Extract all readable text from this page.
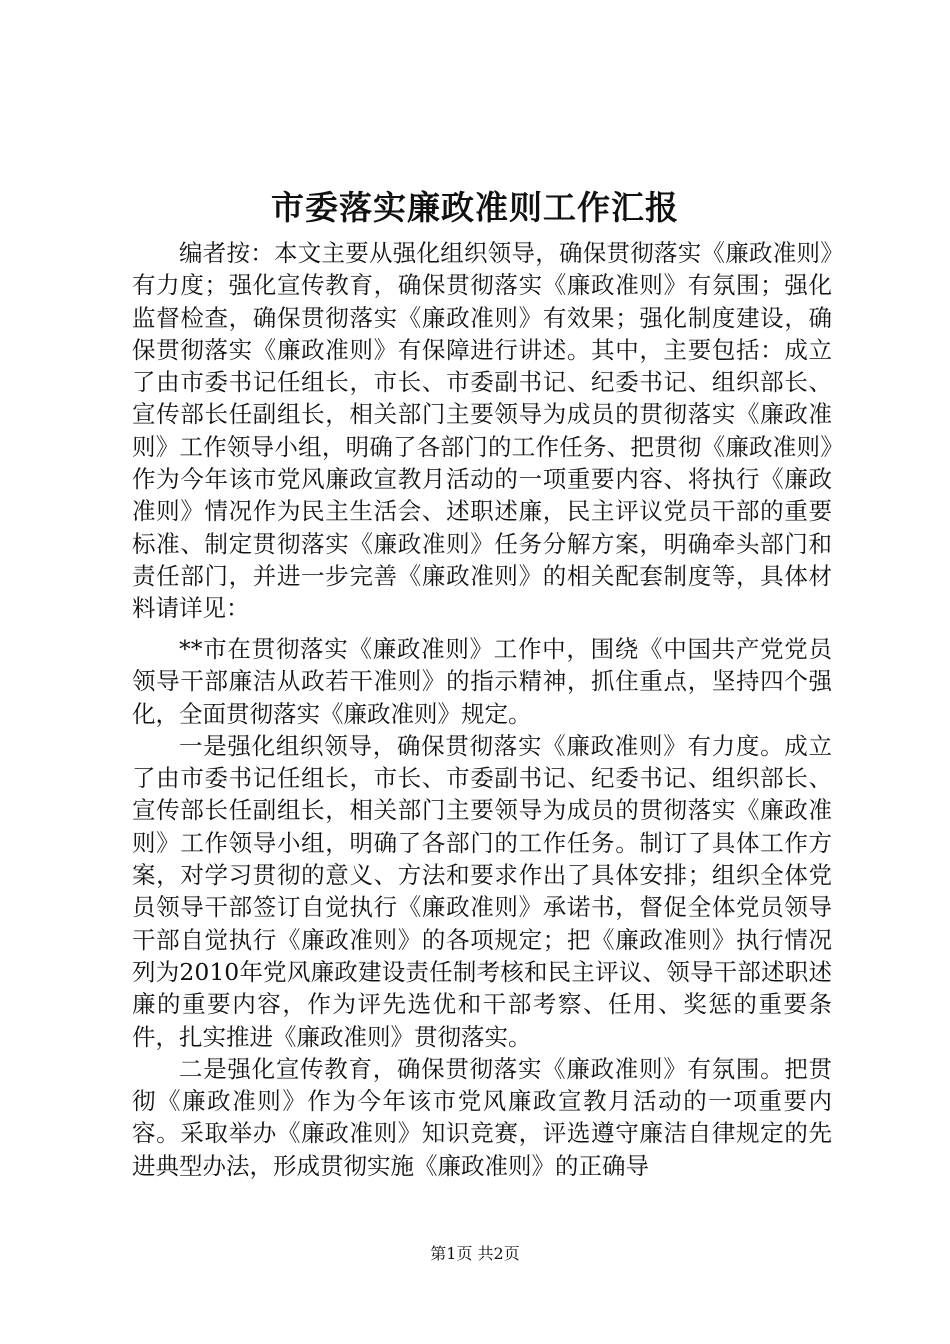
市委落实廉政准则工作汇报

编者按：本文主要从强化组织领导，确保贯彻落实《廉政准则》有力度；强化宣传教育，确保贯彻落实《廉政准则》有氛围；强化监督检查，确保贯彻落实《廉政准则》有效果；强化制度建设，确保贯彻落实《廉政准则》有保障进行讲述。其中，主要包括：成立了由市委书记任组长，市长、市委副书记、纪委书记、组织部长、宣传部长任副组长，相关部门主要领导为成员的贯彻落实《廉政准则》工作领导小组，明确了各部门的工作任务、把贯彻《廉政准则》作为今年该市党风廉政宣教月活动的一项重要内容、将执行《廉政准则》情况作为民主生活会、述职述廉，民主评议党员干部的重要标准、制定贯彻落实《廉政准则》任务分解方案，明确牵头部门和责任部门，并进一步完善《廉政准则》的相关配套制度等，具体材料请详见：

**市在贯彻落实《廉政准则》工作中，围绕《中国共产党党员领导干部廉洁从政若干准则》的指示精神，抓住重点，坚持四个强化，全面贯彻落实《廉政准则》规定。

一是强化组织领导，确保贯彻落实《廉政准则》有力度。成立了由市委书记任组长，市长、市委副书记、纪委书记、组织部长、宣传部长任副组长，相关部门主要领导为成员的贯彻落实《廉政准则》工作领导小组，明确了各部门的工作任务。制订了具体工作方案，对学习贯彻的意义、方法和要求作出了具体安排；组织全体党员领导干部签订自觉执行《廉政准则》承诺书，督促全体党员领导干部自觉执行《廉政准则》的各项规定；把《廉政准则》执行情况列为2010年党风廉政建设责任制考核和民主评议、领导干部述职述廉的重要内容，作为评先选优和干部考察、任用、奖惩的重要条件，扎实推进《廉政准则》贯彻落实。

二是强化宣传教育，确保贯彻落实《廉政准则》有氛围。把贯彻《廉政准则》作为今年该市党风廉政宣教月活动的一项重要内容。采取举办《廉政准则》知识竞赛，评选遵守廉洁自律规定的先进典型办法，形成贯彻实施《廉政准则》的正确导

第1页 共2页
